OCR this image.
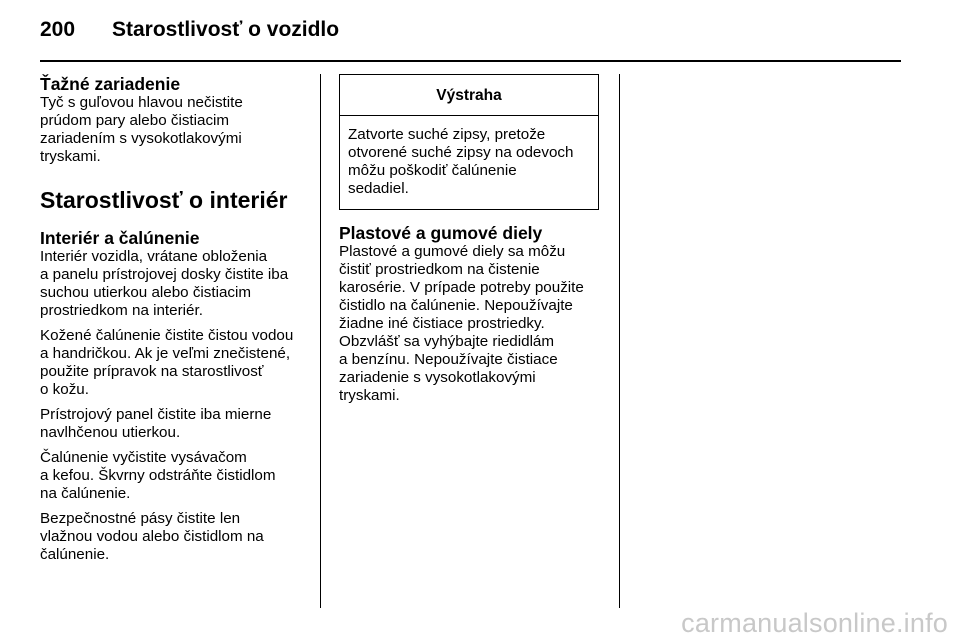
200	Starostlivosť o vozidlo
Ťažné zariadenie

Tyč s guľovou hlavou nečistite
prúdom pary alebo čistiacim
zariadením s vysokotlakovými
tryskami.

Starostlivosť o interiér
Interiér a čalúnenie

Interiér vozidla, vrátane obloženia
a panelu prístrojovej dosky čistite iba
suchou utierkou alebo čistiacim
prostriedkom na interiér.

Kožené čalúnenie čistite čistou vodou
a handričkou. Ak je veľmi znečistené,
použite prípravok na starostlivosť
o kožu.

Prístrojový panel čistite iba mierne
navlhčenou utierkou.

Čalúnenie vyčistite vysávačom
a kefou. Škvrny odstráňte čistidlom
na čalúnenie.

Bezpečnostné pásy čistite len
vlažnou vodou alebo čistidlom na
čalúnenie.

Výstraha
Zatvorte suché zipsy, pretože
otvorené suché zipsy na odevoch
môžu poškodiť čalúnenie
sedadiel.
Plastové a gumové diely

Plastové a gumové diely sa môžu
čistiť prostriedkom na čistenie
karosérie. V prípade potreby použite
čistidlo na čalúnenie. Nepoužívajte
žiadne iné čistiace prostriedky.
Obzvlášť sa vyhýbajte riedidlám
a benzínu. Nepoužívajte čistiace
zariadenie s vysokotlakovými
tryskami.

carmanualsonline.info
